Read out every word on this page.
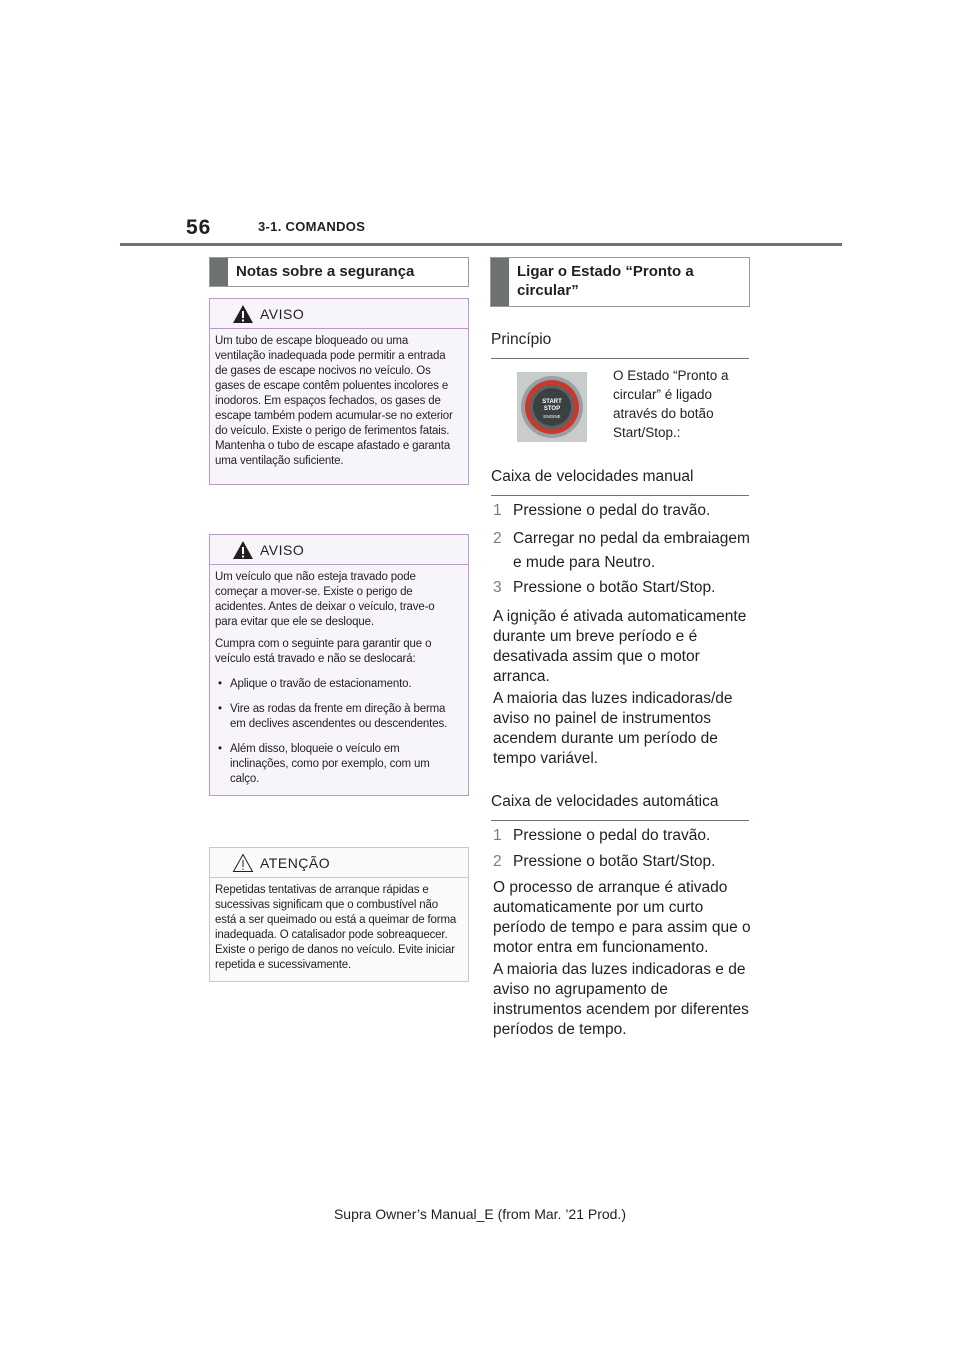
56	3-1. COMANDOS
Notas sobre a segurança
AVISO

Um tubo de escape bloqueado ou uma ventilação inadequada pode permitir a entrada de gases de escape nocivos no veículo. Os gases de escape contêm poluentes incolores e inodoros. Em espaços fechados, os gases de escape também podem acumular-se no exterior do veículo. Existe o perigo de ferimentos fatais. Mantenha o tubo de escape afastado e garanta uma ventilação suficiente.

AVISO

Um veículo que não esteja travado pode começar a mover-se. Existe o perigo de acidentes. Antes de deixar o veículo, trave-o para evitar que ele se desloque.

Cumpra com o seguinte para garantir que o veículo está travado e não se deslocará:

• Aplique o travão de estacionamento.
• Vire as rodas da frente em direção à berma em declives ascendentes ou descendentes.
• Além disso, bloqueie o veículo em inclinações, como por exemplo, com um calço.
ATENÇÃO

Repetidas tentativas de arranque rápidas e sucessivas significam que o combustível não está a ser queimado ou está a queimar de forma inadequada. O catalisador pode sobreaquecer. Existe o perigo de danos no veículo. Evite iniciar repetida e sucessivamente.

Ligar o Estado “Pronto a circular”
Princípio
START
STOP
ENGINE
O Estado “Pronto a circular” é ligado através do botão Start/Stop.:
Caixa de velocidades manual
1 Pressione o pedal do travão.
2 Carregar no pedal da embraiagem e mude para Neutro.
3 Pressione o botão Start/Stop.
A ignição é ativada automaticamente durante um breve período e é desativada assim que o motor arranca.
A maioria das luzes indicadoras/de aviso no painel de instrumentos acendem durante um período de tempo variável.
Caixa de velocidades automática
1 Pressione o pedal do travão.
2 Pressione o botão Start/Stop.
O processo de arranque é ativado automaticamente por um curto período de tempo e para assim que o motor entra em funcionamento.
A maioria das luzes indicadoras e de aviso no agrupamento de instrumentos acendem por diferentes períodos de tempo.
Supra Owner’s Manual_E (from Mar. ’21 Prod.)
